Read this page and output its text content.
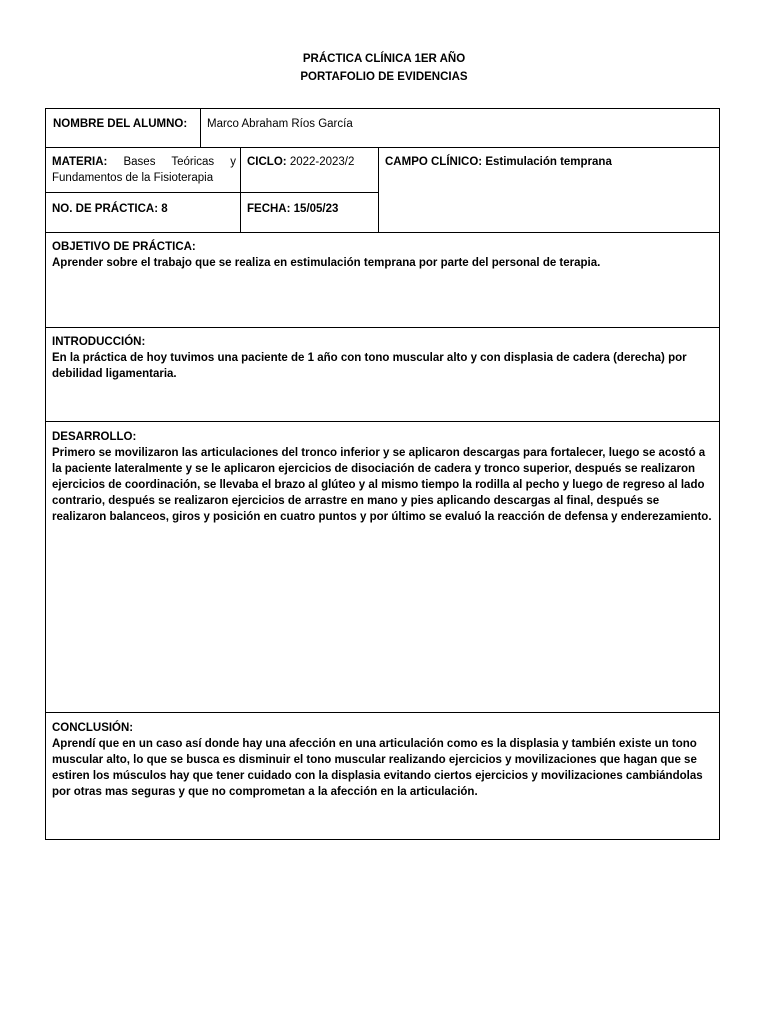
PRÁCTICA CLÍNICA 1ER AÑO
PORTAFOLIO DE EVIDENCIAS
NOMBRE DEL ALUMNO:	Marco Abraham Ríos García
MATERIA: Bases Teóricas y Fundamentos de la Fisioterapia
CICLO: 2022-2023/2	CAMPO CLÍNICO: Estimulación temprana
NO. DE PRÁCTICA: 8	FECHA: 15/05/23
OBJETIVO DE PRÁCTICA:
Aprender sobre el trabajo que se realiza en estimulación temprana por parte del personal de terapia.
INTRODUCCIÓN:
En la práctica de hoy tuvimos una paciente de 1 año con tono muscular alto y con displasia de cadera (derecha) por debilidad ligamentaria.
DESARROLLO:
Primero se movilizaron las articulaciones del tronco inferior y se aplicaron descargas para fortalecer, luego se acostó a la paciente lateralmente y se le aplicaron ejercicios de disociación de cadera y tronco superior, después se realizaron ejercicios de coordinación, se llevaba el brazo al glúteo y al mismo tiempo la rodilla al pecho y luego de regreso al lado contrario, después se realizaron ejercicios de arrastre en mano y pies aplicando descargas al final, después se realizaron balanceos, giros y posición en cuatro puntos y por último se evaluó la reacción de defensa y enderezamiento.
CONCLUSIÓN:
Aprendí que en un caso así donde hay una afección en una articulación como es la displasia y también existe un tono muscular alto, lo que se busca es disminuir el tono muscular realizando ejercicios y movilizaciones que hagan que se estiren los músculos hay que tener cuidado con la displasia evitando ciertos ejercicios y movilizaciones cambiándolas por otras mas seguras y que no comprometan a la afección en la articulación.
